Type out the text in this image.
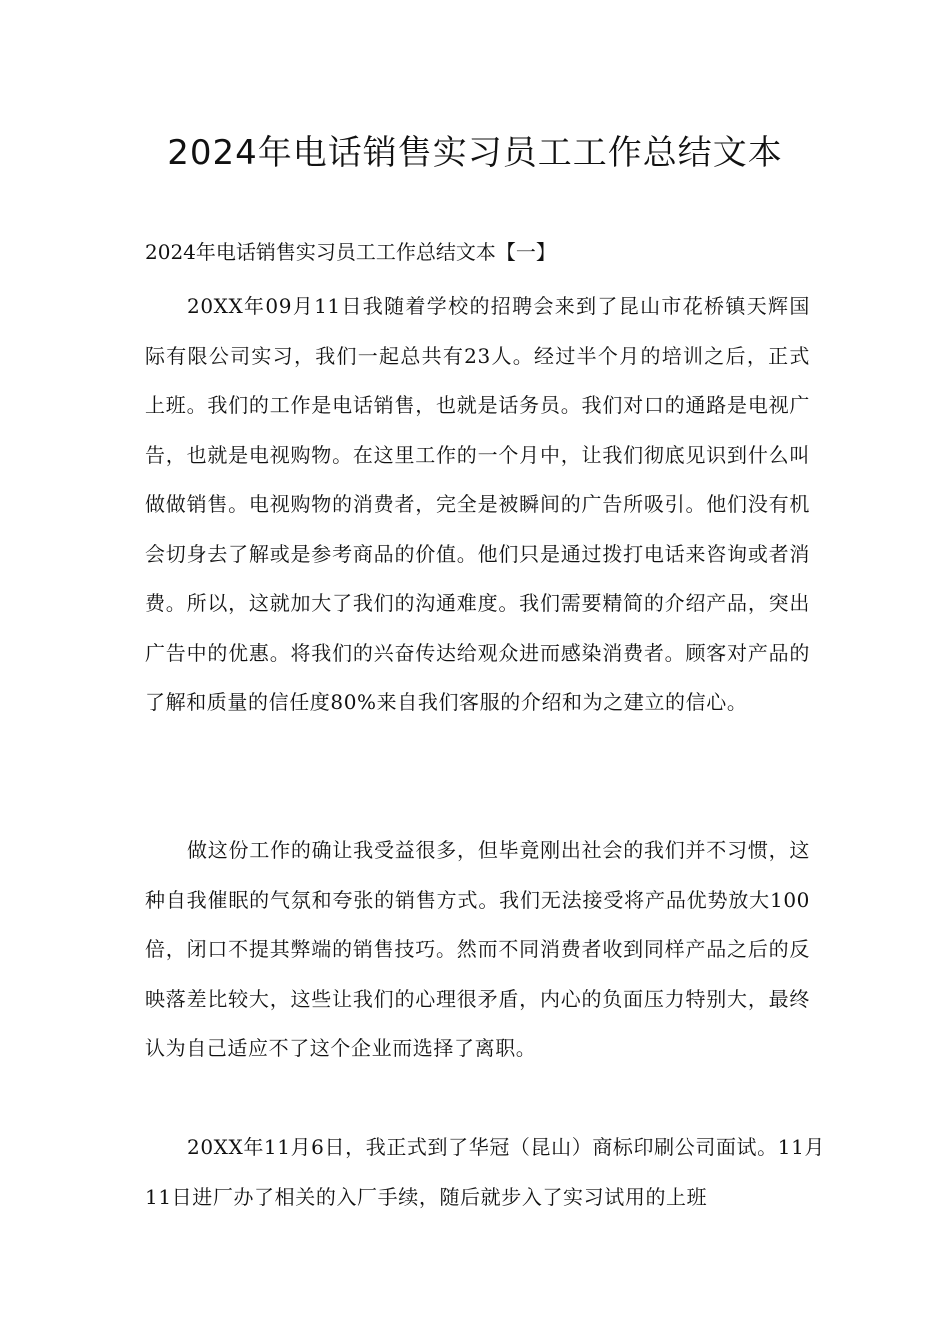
2024年电话销售实习员工工作总结文本
2024年电话销售实习员工工作总结文本【一】

20XX年09月11日我随着学校的招聘会来到了昆山市花桥镇天辉国际有限公司实习，我们一起总共有23人。经过半个月的培训之后，正式上班。我们的工作是电话销售，也就是话务员。我们对口的通路是电视广告，也就是电视购物。在这里工作的一个月中，让我们彻底见识到什么叫做做销售。电视购物的消费者，完全是被瞬间的广告所吸引。他们没有机会切身去了解或是参考商品的价值。他们只是通过拨打电话来咨询或者消费。所以，这就加大了我们的沟通难度。我们需要精简的介绍产品，突出广告中的优惠。将我们的兴奋传达给观众进而感染消费者。顾客对产品的了解和质量的信任度80%来自我们客服的介绍和为之建立的信心。

做这份工作的确让我受益很多，但毕竟刚出社会的我们并不习惯，这种自我催眠的气氛和夸张的销售方式。我们无法接受将产品优势放大100倍，闭口不提其弊端的销售技巧。然而不同消费者收到同样产品之后的反映落差比较大，这些让我们的心理很矛盾，内心的负面压力特别大，最终认为自己适应不了这个企业而选择了离职。

20XX年11月6日，我正式到了华冠（昆山）商标印刷公司面试。11月11日进厂办了相关的入厂手续，随后就步入了实习试用的上班
